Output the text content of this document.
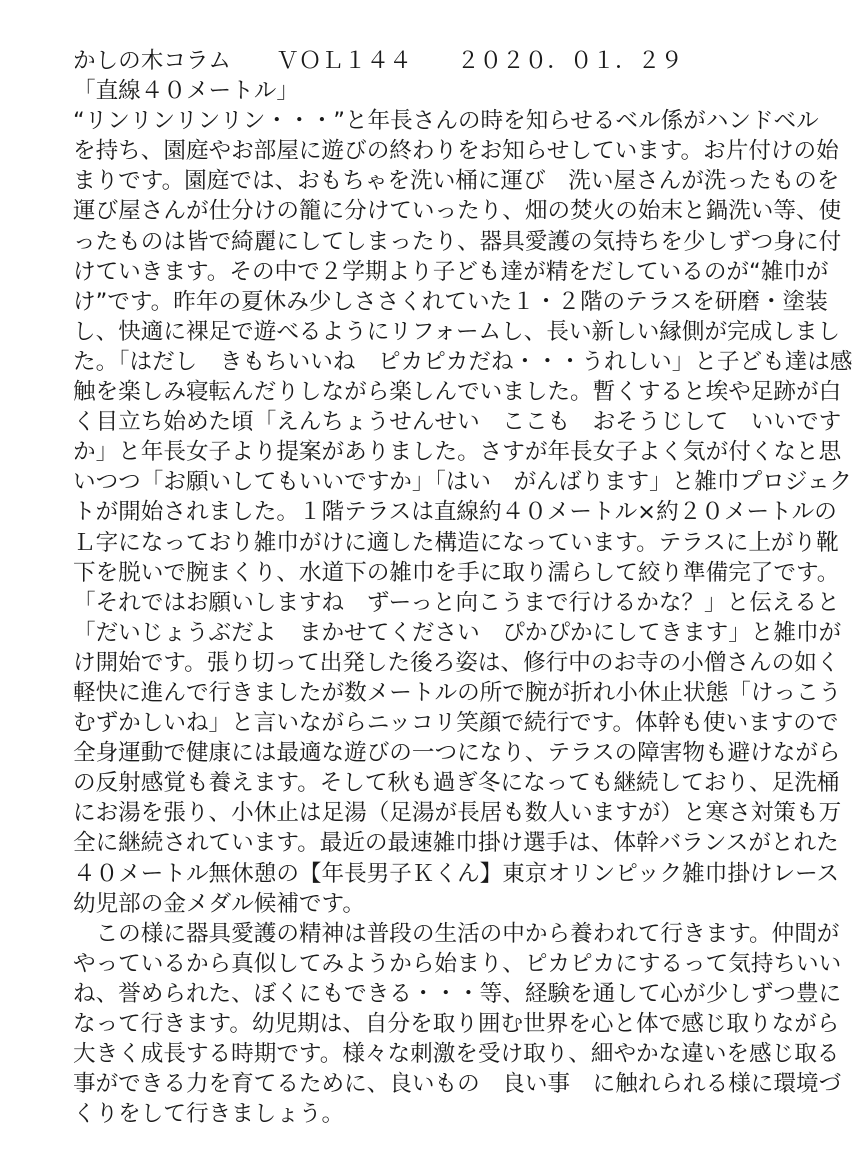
かしの木コラム　　ＶＯＬ１４４　　２０２０．０１．２９
「直線４０メートル」
“リンリンリンリン・・・”と年長さんの時を知らせるベル係がハンドベル
を持ち、園庭やお部屋に遊びの終わりをお知らせしています。お片付けの始
まりです。園庭では、おもちゃを洗い桶に運び　洗い屋さんが洗ったものを
運び屋さんが仕分けの籠に分けていったり、畑の焚火の始末と鍋洗い等、使
ったものは皆で綺麗にしてしまったり、器具愛護の気持ちを少しずつ身に付
けていきます。その中で２学期より子ども達が精をだしているのが“雑巾が
け”です。昨年の夏休み少しささくれていた１・２階のテラスを研磨・塗装
し、快適に裸足で遊べるようにリフォームし、長い新しい縁側が完成しまし
た。「はだし　きもちいいね　ピカピカだね・・・うれしい」と子ども達は感
触を楽しみ寝転んだりしながら楽しんでいました。暫くすると埃や足跡が白
く目立ち始めた頃「えんちょうせんせい　ここも　おそうじして　いいです
か」と年長女子より提案がありました。さすが年長女子よく気が付くなと思
いつつ「お願いしてもいいですか」「はい　がんばります」と雑巾プロジェク
トが開始されました。１階テラスは直線約４０メートル×約２０メートルの
Ｌ字になっており雑巾がけに適した構造になっています。テラスに上がり靴
下を脱いで腕まくり、水道下の雑巾を手に取り濡らして絞り準備完了です。
「それではお願いしますね　ずーっと向こうまで行けるかな？」と伝えると
「だいじょうぶだよ　まかせてください　ぴかぴかにしてきます」と雑巾が
け開始です。張り切って出発した後ろ姿は、修行中のお寺の小僧さんの如く
軽快に進んで行きましたが数メートルの所で腕が折れ小休止状態「けっこう
むずかしいね」と言いながらニッコリ笑顔で続行です。体幹も使いますので
全身運動で健康には最適な遊びの一つになり、テラスの障害物も避けながら
の反射感覚も養えます。そして秋も過ぎ冬になっても継続しており、足洗桶
にお湯を張り、小休止は足湯（足湯が長居も数人いますが）と寒さ対策も万
全に継続されています。最近の最速雑巾掛け選手は、体幹バランスがとれた
４０メートル無休憩の【年長男子Ｋくん】東京オリンピック雑巾掛けレース
幼児部の金メダル候補です。
　この様に器具愛護の精神は普段の生活の中から養われて行きます。仲間が
やっているから真似してみようから始まり、ピカピカにするって気持ちいい
ね、誉められた、ぼくにもできる・・・等、経験を通して心が少しずつ豊に
なって行きます。幼児期は、自分を取り囲む世界を心と体で感じ取りながら
大きく成長する時期です。様々な刺激を受け取り、細やかな違いを感じ取る
事ができる力を育てるために、良いもの　良い事　に触れられる様に環境づ
くりをして行きましょう。
